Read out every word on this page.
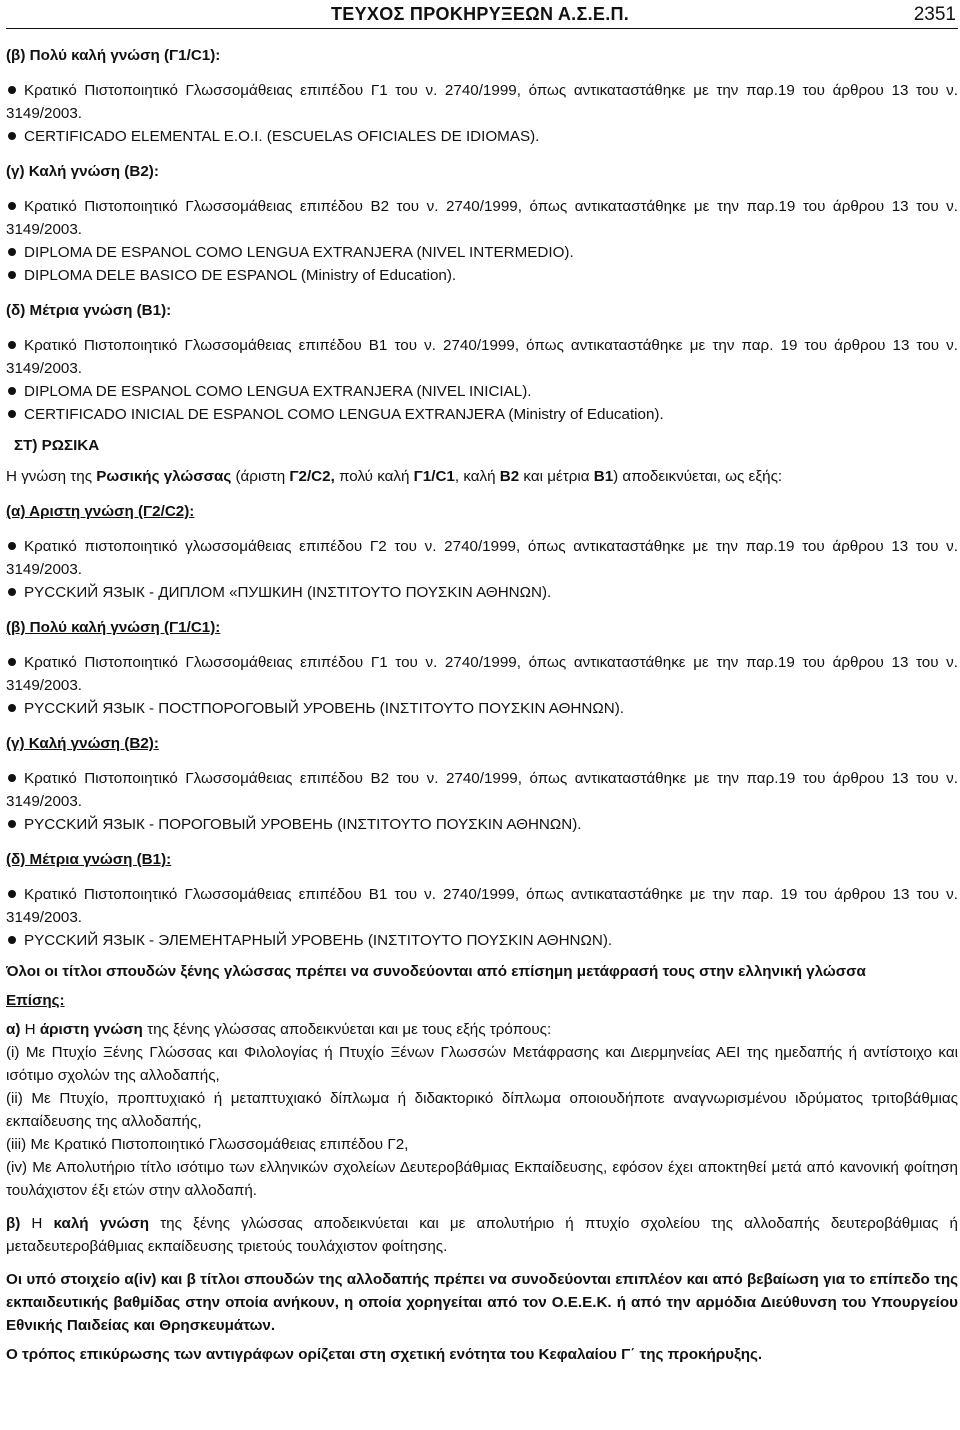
ΤΕΥΧΟΣ ΠΡΟΚΗΡΥΞΕΩΝ Α.Σ.Ε.Π.	2351

(β) Πολύ καλή γνώση (Γ1/C1):

Κρατικό Πιστοποιητικό Γλωσσομάθειας επιπέδου Γ1 του ν. 2740/1999, όπως αντικαταστάθηκε με την παρ.19 του άρθρου 13 του ν. 3149/2003.

CERTIFICADO ELEMENTAL E.O.I. (ESCUELAS OFICIALES DE IDIOMAS).

(γ) Καλή γνώση (Β2):

Κρατικό Πιστοποιητικό Γλωσσομάθειας επιπέδου Β2 του ν. 2740/1999, όπως αντικαταστάθηκε με την παρ.19 του άρθρου 13 του ν. 3149/2003.

DIPLOMA DE ESPANOL COMO LENGUA EXTRANJERA (NIVEL INTERMEDIO).

DIPLOMA DELE BASICO DE ESPANOL (Ministry of Education).

(δ) Μέτρια γνώση (Β1):

Κρατικό Πιστοποιητικό Γλωσσομάθειας επιπέδου Β1 του ν. 2740/1999, όπως αντικαταστάθηκε με την παρ. 19 του άρθρου 13 του ν. 3149/2003.

DIPLOMA DE ESPANOL COMO LENGUA EXTRANJERA (NIVEL INICIAL).

CERTIFICADO INICIAL DE ESPANOL COMO LENGUA EXTRANJERA (Ministry of Education).

ΣΤ) ΡΩΣΙΚΑ

Η γνώση της Ρωσικής γλώσσας (άριστη Γ2/C2, πολύ καλή Γ1/C1, καλή Β2 και μέτρια Β1) αποδεικνύεται, ως εξής:

(α) Αριστη γνώση (Γ2/C2):

Κρατικό πιστοποιητικό γλωσσομάθειας επιπέδου Γ2 του ν. 2740/1999, όπως αντικαταστάθηκε με την παρ.19 του άρθρου 13 του ν. 3149/2003.

ΡΥCCΚИЙ ЯЗЫК - ДИПЛОМ «ПУШКИН (ΙΝΣΤΙΤΟΥΤΟ ΠΟΥΣΚΙΝ ΑΘΗΝΩΝ).

(β) Πολύ καλή γνώση (Γ1/C1):

Κρατικό Πιστοποιητικό Γλωσσομάθειας επιπέδου Γ1 του ν. 2740/1999, όπως αντικαταστάθηκε με την παρ.19 του άρθρου 13 του ν. 3149/2003.

ΡΥCCΚИЙ ЯЗЫК - ПОСТПОРОГОВЫЙ УРОВЕНЬ (ΙΝΣΤΙΤΟΥΤΟ ΠΟΥΣΚΙΝ ΑΘΗΝΩΝ).

(γ) Καλή γνώση (Β2):

Κρατικό Πιστοποιητικό Γλωσσομάθειας επιπέδου Β2 του ν. 2740/1999, όπως αντικαταστάθηκε με την παρ.19 του άρθρου 13 του ν. 3149/2003.

ΡΥCCΚИЙ ЯЗЫК - ПОРОГОВЫЙ УРОВЕНЬ (ΙΝΣΤΙΤΟΥΤΟ ΠΟΥΣΚΙΝ ΑΘΗΝΩΝ).

(δ) Μέτρια γνώση (Β1):

Κρατικό Πιστοποιητικό Γλωσσομάθειας επιπέδου Β1 του ν. 2740/1999, όπως αντικαταστάθηκε με την παρ. 19 του άρθρου 13 του ν. 3149/2003.

ΡΥCCΚИЙ ЯЗЫК - ЭЛЕМЕНТАРНЫЙ УРОВЕНЬ (ΙΝΣΤΙΤΟΥΤΟ ΠΟΥΣΚΙΝ ΑΘΗΝΩΝ).

Όλοι οι τίτλοι σπουδών ξένης γλώσσας πρέπει να συνοδεύονται από επίσημη μετάφρασή τους στην ελληνική γλώσσα

Επίσης:

α) Η άριστη γνώση της ξένης γλώσσας αποδεικνύεται και με τους εξής τρόπους:

(i) Με Πτυχίο Ξένης Γλώσσας και Φιλολογίας ή Πτυχίο Ξένων Γλωσσών Μετάφρασης και Διερμηνείας ΑΕΙ της ημεδαπής ή αντίστοιχο και ισότιμο σχολών της αλλοδαπής,

(ii) Με Πτυχίο, προπτυχιακό ή μεταπτυχιακό δίπλωμα ή διδακτορικό δίπλωμα οποιουδήποτε αναγνωρισμένου ιδρύματος τριτοβάθμιας εκπαίδευσης της αλλοδαπής,

(iii) Με Κρατικό Πιστοποιητικό Γλωσσομάθειας επιπέδου Γ2,

(iv) Με Απολυτήριο τίτλο ισότιμο των ελληνικών σχολείων Δευτεροβάθμιας Εκπαίδευσης, εφόσον έχει αποκτηθεί μετά από κανονική φοίτηση τουλάχιστον έξι ετών στην αλλοδαπή.

β) Η καλή γνώση της ξένης γλώσσας αποδεικνύεται και με απολυτήριο ή πτυχίο σχολείου της αλλοδαπής δευτεροβάθμιας ή μεταδευτεροβάθμιας εκπαίδευσης τριετούς τουλάχιστον φοίτησης.

Οι υπό στοιχείο α(iv) και β τίτλοι σπουδών της αλλοδαπής πρέπει να συνοδεύονται επιπλέον και από βεβαίωση για το επίπεδο της εκπαιδευτικής βαθμίδας στην οποία ανήκουν, η οποία χορηγείται από τον Ο.Ε.Ε.Κ. ή από την αρμόδια Διεύθυνση του Υπουργείου Εθνικής Παιδείας και Θρησκευμάτων.

Ο τρόπος επικύρωσης των αντιγράφων ορίζεται στη σχετική ενότητα του Κεφαλαίου Γ΄ της προκήρυξης.
